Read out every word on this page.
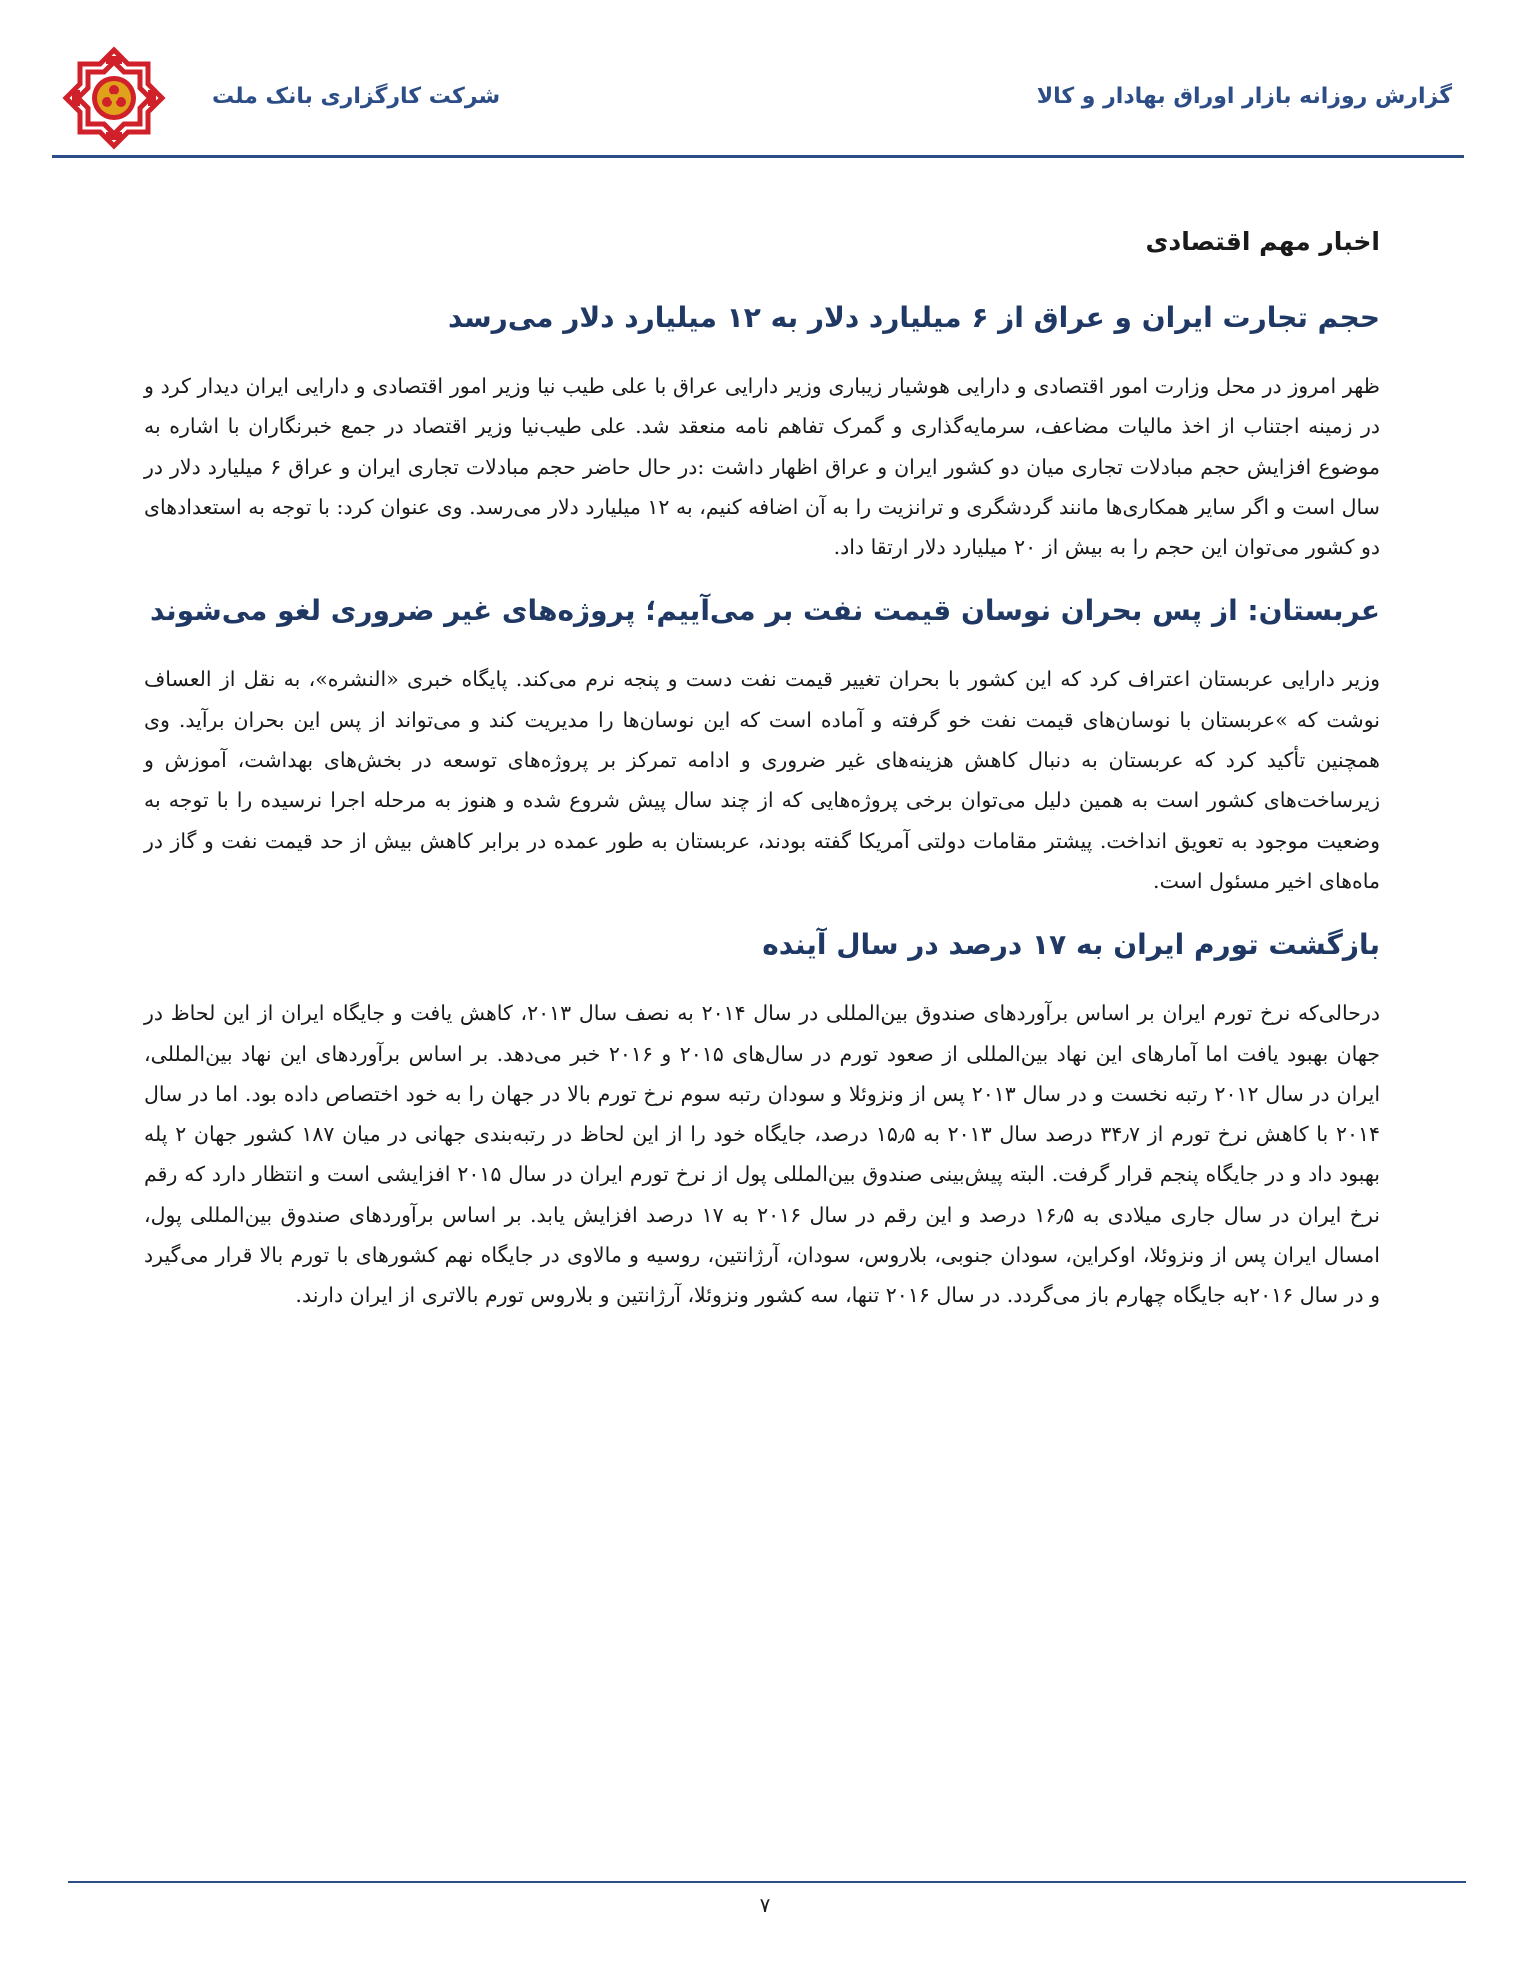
شرکت کارگزاری بانک ملت	گزارش روزانه بازار اوراق بهادار و کالا
اخبار مهم اقتصادی
حجم تجارت ایران و عراق از ۶ میلیارد دلار به ۱۲ میلیارد دلار می‌رسد

ظهر امروز در محل وزارت امور اقتصادی و دارایی هوشیار زیباری وزیر دارایی عراق با علی طیب نیا وزیر امور اقتصادی و دارایی ایران دیدار کرد و در زمینه اجتناب از اخذ مالیات مضاعف، سرمایه‌گذاری و گمرک تفاهم نامه منعقد شد. علی طیب‌نیا وزیر اقتصاد در جمع خبرنگاران با اشاره به موضوع افزایش حجم مبادلات تجاری میان دو کشور ایران و عراق اظهار داشت :در حال حاضر حجم مبادلات تجاری ایران و عراق ۶ میلیارد دلار در سال است و اگر سایر همکاری‌ها مانند گردشگری و ترانزیت را به آن اضافه کنیم، به ۱۲ میلیارد دلار می‌رسد. وی عنوان کرد: با توجه به استعدادهای دو کشور می‌توان این حجم را به بیش از ۲۰ میلیارد دلار ارتقا داد.

عربستان: از پس بحران نوسان قیمت نفت بر می‌آییم؛ پروژه‌های غیر ضروری لغو می‌شوند

وزیر دارایی عربستان اعتراف کرد که این کشور با بحران تغییر قیمت نفت دست و پنجه نرم می‌کند. پایگاه خبری «النشره»، به نقل از العساف نوشت که »عربستان با نوسان‌های قیمت نفت خو گرفته و آماده است که این نوسان‌ها را مدیریت کند و می‌تواند از پس این بحران برآید. وی همچنین تأکید کرد که عربستان به دنبال کاهش هزینه‌های غیر ضروری و ادامه تمرکز بر پروژه‌های توسعه در بخش‌های بهداشت، آموزش و زیرساخت‌های کشور است به همین دلیل می‌توان برخی پروژه‌هایی که از چند سال پیش شروع شده و هنوز به مرحله اجرا نرسیده را با توجه به وضعیت موجود به تعویق انداخت. پیشتر مقامات دولتی آمریکا گفته بودند، عربستان به طور عمده در برابر کاهش بیش از حد قیمت نفت و گاز در ماه‌های اخیر مسئول است.

بازگشت تورم ایران به ۱۷ درصد در سال آینده

درحالی‌که نرخ تورم ایران بر اساس برآوردهای صندوق بین‌المللی در سال ۲۰۱۴ به نصف سال ۲۰۱۳، کاهش یافت و جایگاه ایران از این لحاظ در جهان بهبود یافت اما آمارهای این نهاد بین‌المللی از صعود تورم در سال‌های ۲۰۱۵ و ۲۰۱۶ خبر می‌دهد. بر اساس برآوردهای این نهاد بین‌المللی، ایران در سال ۲۰۱۲ رتبه نخست و در سال ۲۰۱۳ پس از ونزوئلا و سودان رتبه سوم نرخ تورم بالا در جهان را به خود اختصاص داده بود. اما در سال ۲۰۱۴ با کاهش نرخ تورم از ۳۴٫۷ درصد سال ۲۰۱۳ به ۱۵٫۵ درصد، جایگاه خود را از این لحاظ در رتبه‌بندی جهانی در میان ۱۸۷ کشور جهان ۲ پله بهبود داد و در جایگاه پنجم قرار گرفت. البته پیش‌بینی صندوق بین‌المللی پول از نرخ تورم ایران در سال ۲۰۱۵ افزایشی است و انتظار دارد که رقم نرخ ایران در سال جاری میلادی به ۱۶٫۵ درصد و این رقم در سال ۲۰۱۶ به ۱۷ درصد افزایش یابد. بر اساس برآوردهای صندوق بین‌المللی پول، امسال ایران پس از ونزوئلا، اوکراین، سودان جنوبی، بلاروس، سودان، آرژانتین، روسیه و مالاوی در جایگاه نهم کشورهای با تورم بالا قرار می‌گیرد و در سال ۲۰۱۶به جایگاه چهارم باز می‌گردد. در سال ۲۰۱۶ تنها، سه کشور ونزوئلا، آرژانتین و بلاروس تورم بالاتری از ایران دارند.

۷
